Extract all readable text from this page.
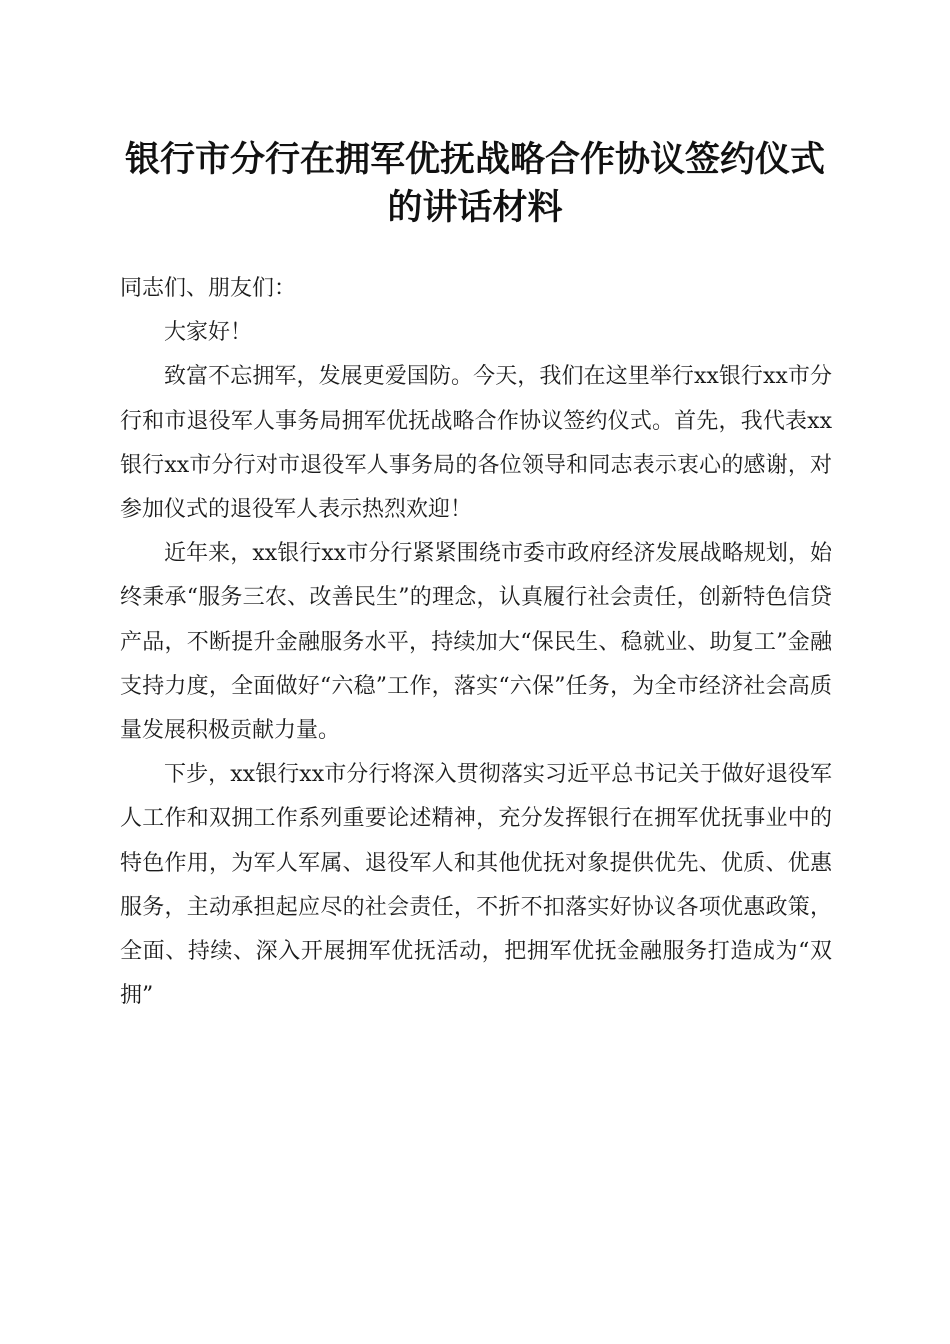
银行市分行在拥军优抚战略合作协议签约仪式
的讲话材料

同志们、朋友们：

大家好！

致富不忘拥军，发展更爱国防。今天，我们在这里举行xx银行xx市分行和市退役军人事务局拥军优抚战略合作协议签约仪式。首先，我代表xx银行xx市分行对市退役军人事务局的各位领导和同志表示衷心的感谢，对参加仪式的退役军人表示热烈欢迎！

近年来，xx银行xx市分行紧紧围绕市委市政府经济发展战略规划，始终秉承“服务三农、改善民生”的理念，认真履行社会责任，创新特色信贷产品，不断提升金融服务水平，持续加大“保民生、稳就业、助复工”金融支持力度，全面做好“六稳”工作，落实“六保”任务，为全市经济社会高质量发展积极贡献力量。

下步，xx银行xx市分行将深入贯彻落实习近平总书记关于做好退役军人工作和双拥工作系列重要论述精神，充分发挥银行在拥军优抚事业中的特色作用，为军人军属、退役军人和其他优抚对象提供优先、优质、优惠服务，主动承担起应尽的社会责任，不折不扣落实好协议各项优惠政策，全面、持续、深入开展拥军优抚活动，把拥军优抚金融服务打造成为“双拥”
